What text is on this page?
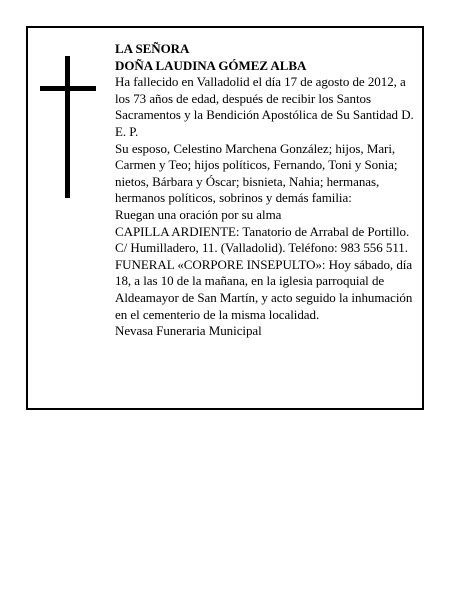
LA SEÑORA

DOÑA LAUDINA GÓMEZ ALBA

Ha fallecido en Valladolid el día 17 de agosto de 2012, a los 73 años de edad, después de recibir los Santos Sacramentos y la Bendición Apostólica de Su Santidad D. E. P.

Su esposo, Celestino Marchena González; hijos, Mari, Carmen y Teo; hijos políticos, Fernando, Toni y Sonia; nietos, Bárbara y Óscar; bisnieta, Nahia; hermanas, hermanos políticos, sobrinos y demás familia:

Ruegan una oración por su alma

CAPILLA ARDIENTE: Tanatorio de Arrabal de Portillo. C/ Humilladero, 11. (Valladolid). Teléfono: 983 556 511.

FUNERAL «CORPORE INSEPULTO»: Hoy sábado, día 18, a las 10 de la mañana, en la iglesia parroquial de Aldeamayor de San Martín, y acto seguido la inhumación en el cementerio de la misma localidad.

Nevasa Funeraria Municipal
